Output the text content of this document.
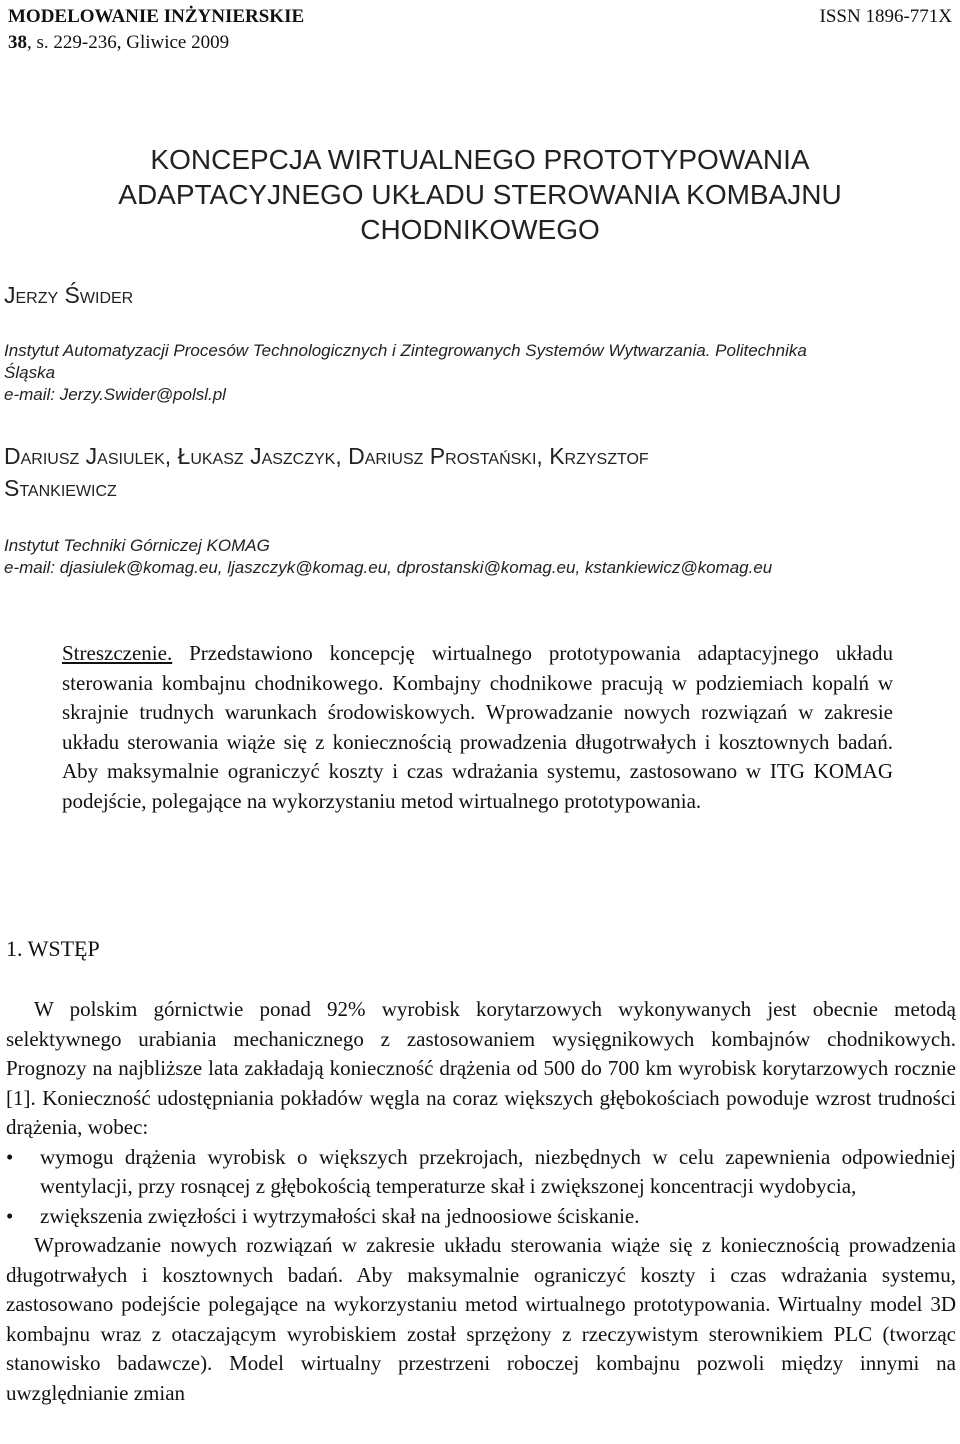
MODELOWANIE INŻYNIERSKIE
38, s. 229-236, Gliwice 2009
ISSN 1896-771X
KONCEPCJA WIRTUALNEGO PROTOTYPOWANIA
ADAPTACYJNEGO UKŁADU STEROWANIA KOMBAJNU
CHODNIKOWEGO
Jerzy Świder
Instytut Automatyzacji Procesów Technologicznych i Zintegrowanych Systemów Wytwarzania. Politechnika
Śląska
e-mail: Jerzy.Swider@polsl.pl
Dariusz Jasiulek, Łukasz Jaszczyk, Dariusz Prostański, Krzysztof
Stankiewicz
Instytut Techniki Górniczej KOMAG
e-mail: djasiulek@komag.eu, ljaszczyk@komag.eu, dprostanski@komag.eu, kstankiewicz@komag.eu
Streszczenie. Przedstawiono koncepcję wirtualnego prototypowania adaptacyjnego układu sterowania kombajnu chodnikowego. Kombajny chodnikowe pracują w podziemiach kopalń w skrajnie trudnych warunkach środowiskowych. Wprowadzanie nowych rozwiązań w zakresie układu sterowania wiąże się z koniecznością prowadzenia długotrwałych i kosztownych badań. Aby maksymalnie ograniczyć koszty i czas wdrażania systemu, zastosowano w ITG KOMAG podejście, polegające na wykorzystaniu metod wirtualnego prototypowania.
1. WSTĘP

W polskim górnictwie ponad 92% wyrobisk korytarzowych wykonywanych jest obecnie metodą selektywnego urabiania mechanicznego z zastosowaniem wysięgnikowych kombajnów chodnikowych. Prognozy na najbliższe lata zakładają konieczność drążenia od 500 do 700 km wyrobisk korytarzowych rocznie [1]. Konieczność udostępniania pokładów węgla na coraz większych głębokościach powoduje wzrost trudności drążenia, wobec:

• wymogu drążenia wyrobisk o większych przekrojach, niezbędnych w celu zapewnienia odpowiedniej wentylacji, przy rosnącej z głębokością temperaturze skał i zwiększonej koncentracji wydobycia,
• zwiększenia zwięzłości i wytrzymałości skał na jednoosiowe ściskanie.

Wprowadzanie nowych rozwiązań w zakresie układu sterowania wiąże się z koniecznością prowadzenia długotrwałych i kosztownych badań. Aby maksymalnie ograniczyć koszty i czas wdrażania systemu, zastosowano podejście polegające na wykorzystaniu metod wirtualnego prototypowania. Wirtualny model 3D kombajnu wraz z otaczającym wyrobiskiem został sprzężony z rzeczywistym sterownikiem PLC (tworząc stanowisko badawcze). Model wirtualny przestrzeni roboczej kombajnu pozwoli między innymi na uwzględnianie zmian
